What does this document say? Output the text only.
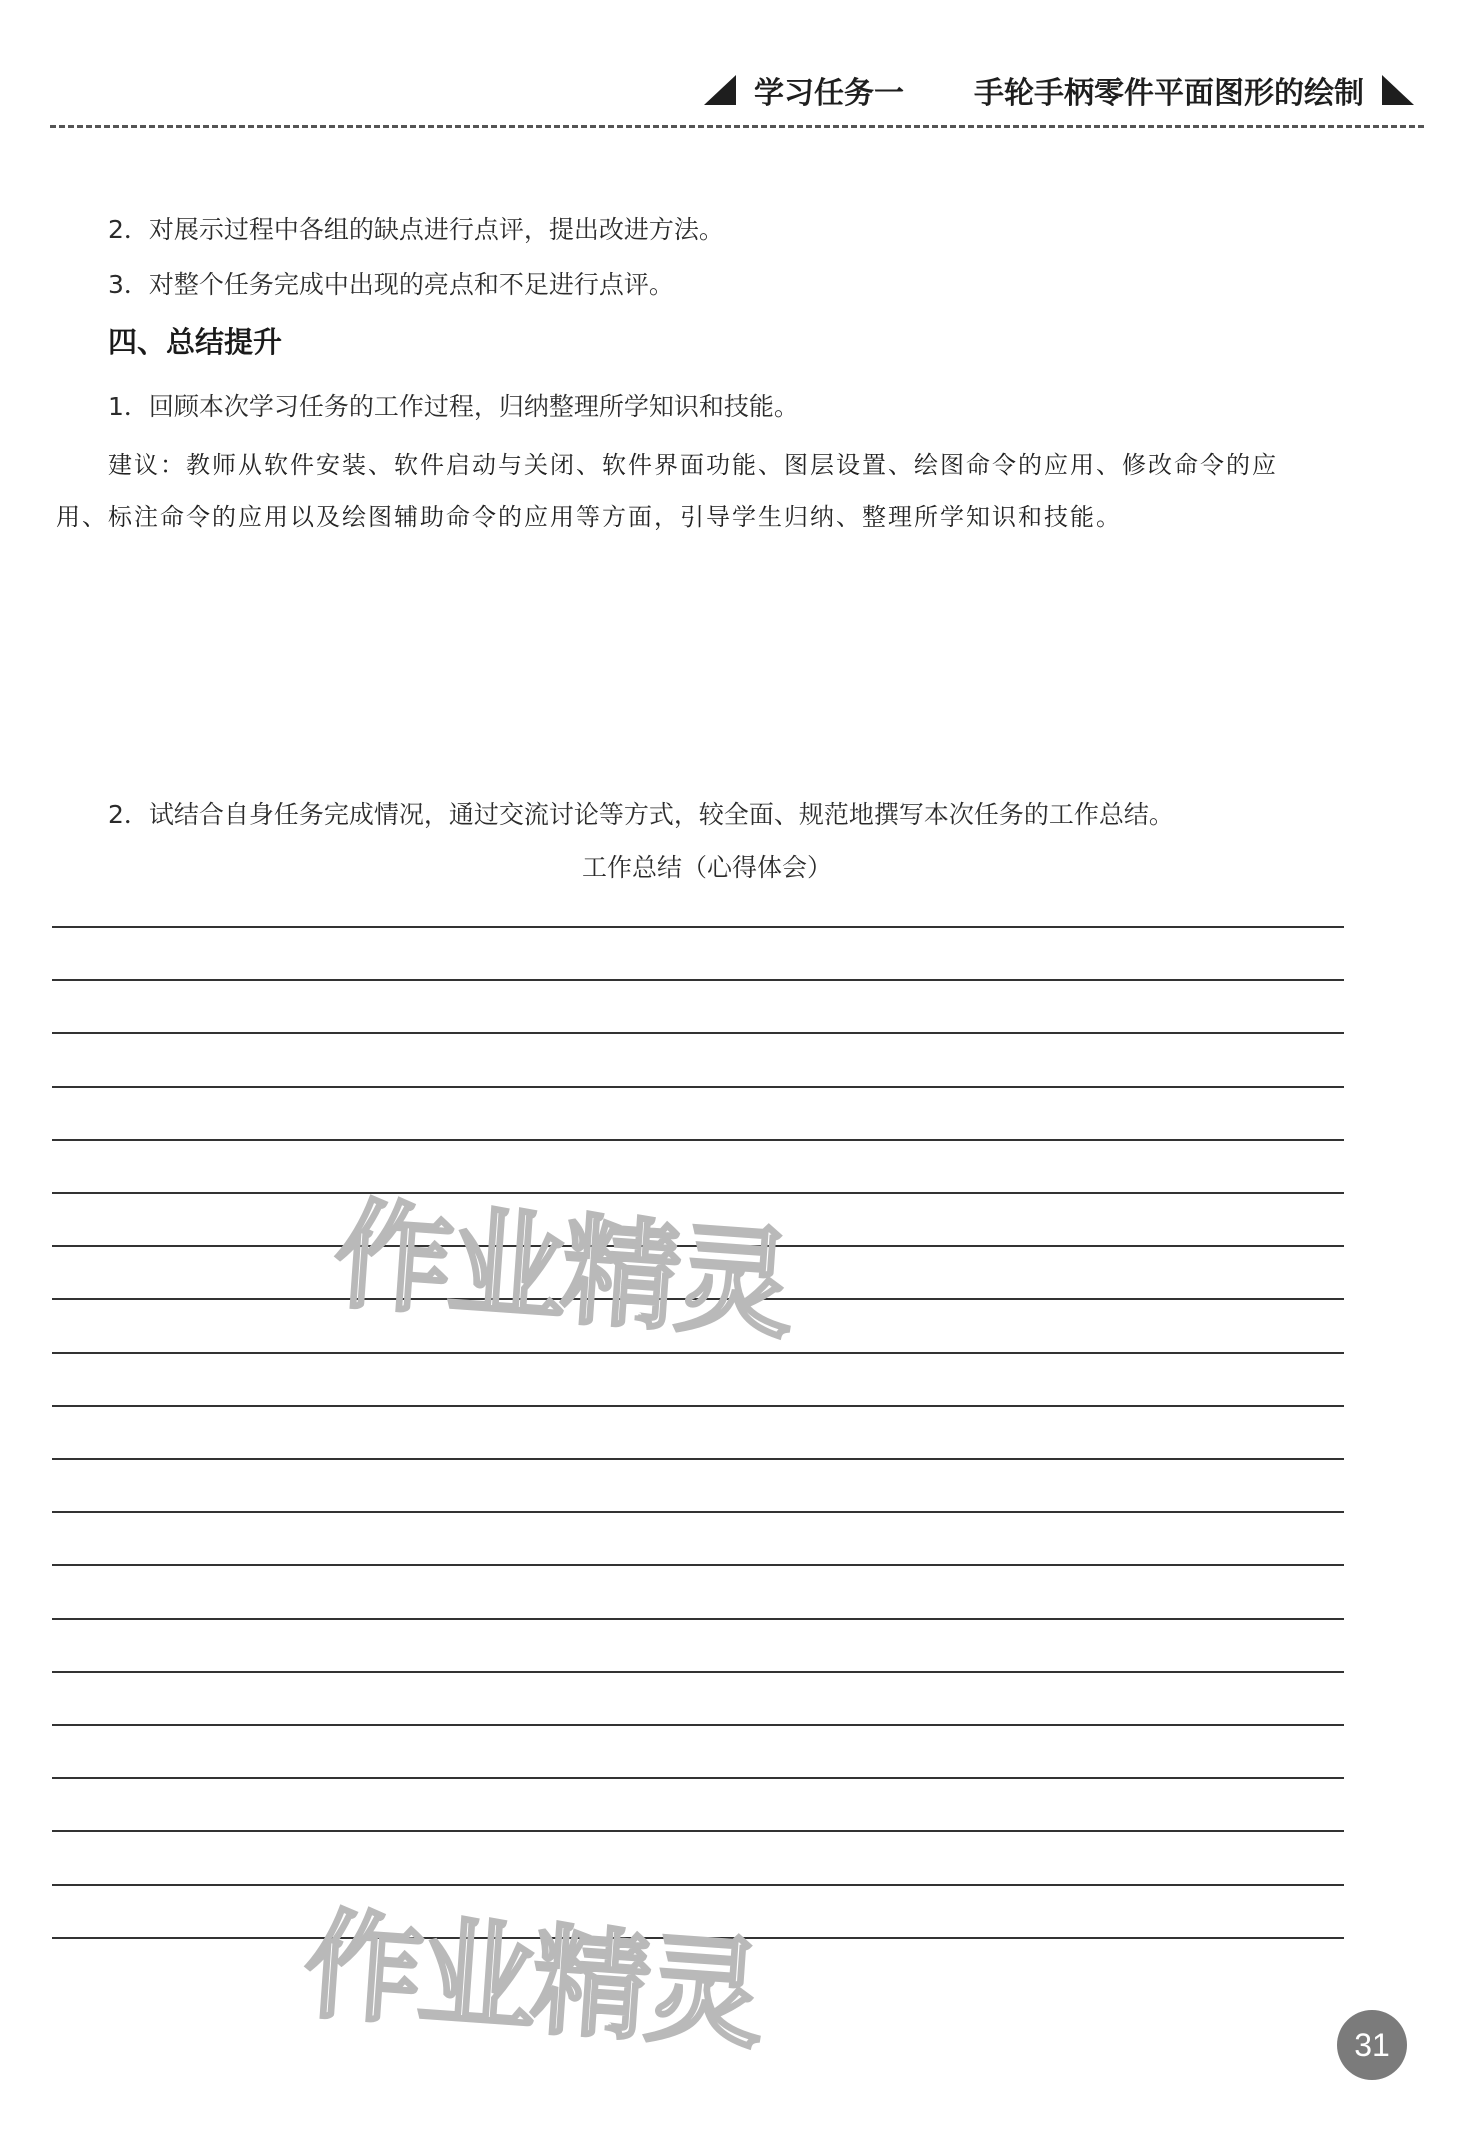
学习任务一 手轮手柄零件平面图形的绘制
2．对展示过程中各组的缺点进行点评，提出改进方法。
3．对整个任务完成中出现的亮点和不足进行点评。
四、总结提升
1．回顾本次学习任务的工作过程，归纳整理所学知识和技能。
建议：教师从软件安装、软件启动与关闭、软件界面功能、图层设置、绘图命令的应用、修改命令的应
用、标注命令的应用以及绘图辅助命令的应用等方面，引导学生归纳、整理所学知识和技能。
2．试结合自身任务完成情况，通过交流讨论等方式，较全面、规范地撰写本次任务的工作总结。
工作总结（心得体会）
作业精灵
作业精灵	31
